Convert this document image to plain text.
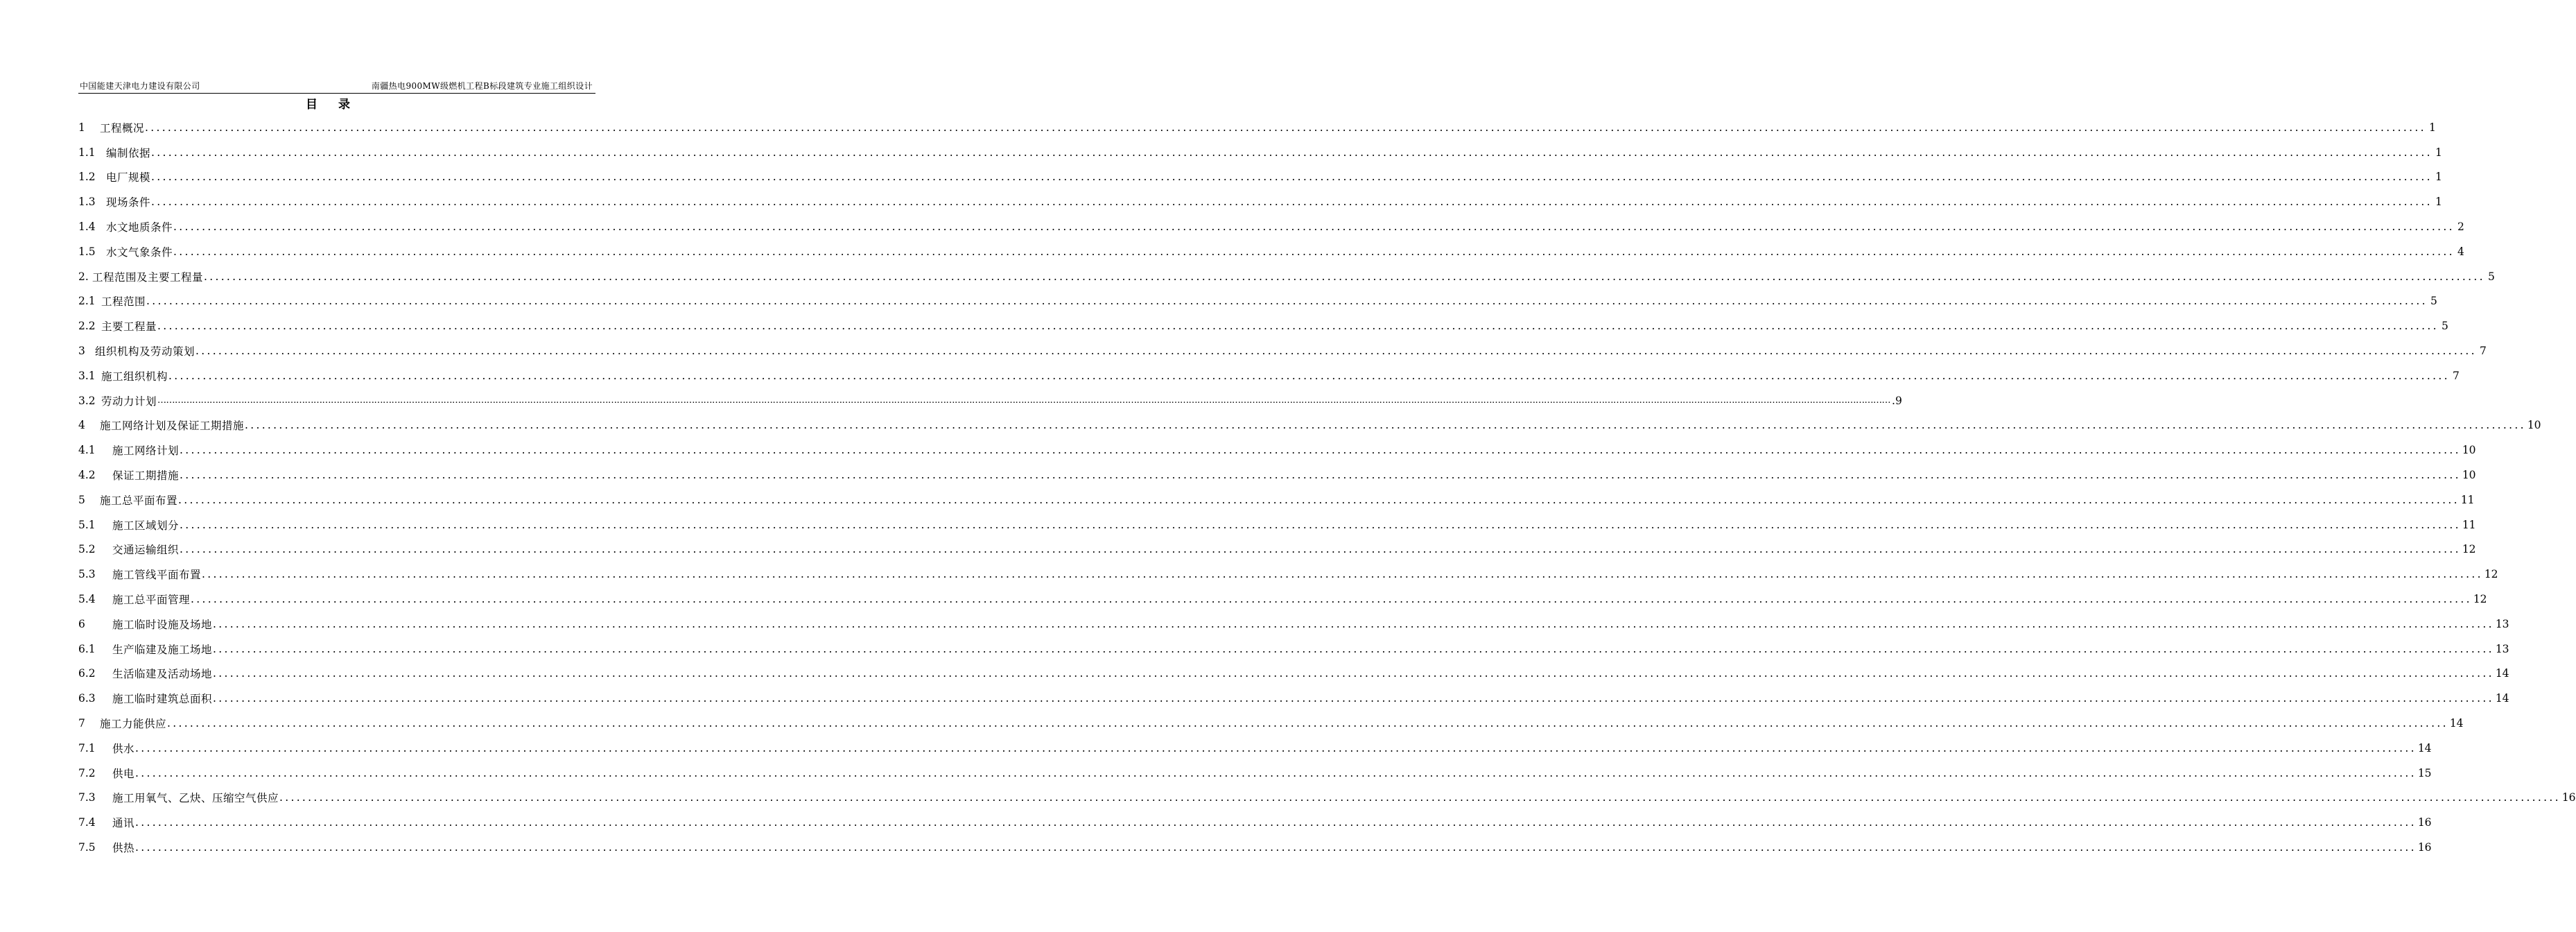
中国能建天津电力建设有限公司	南疆热电900MW级燃机工程B标段建筑专业施工组织设计
目录
1	工程概况 ................................................................................................................................................................................................................................................................................................................................................................................................................ 1
1.1 编制依据 ................................................................................................................................................................................................................................................................................................................................................................................................................ 1
1.2 电厂规模 ................................................................................................................................................................................................................................................................................................................................................................................................................ 1
1.3 现场条件 ................................................................................................................................................................................................................................................................................................................................................................................................................ 1
1.4 水文地质条件 ................................................................................................................................................................................................................................................................................................................................................................................................................ 2
1.5 水文气象条件 ................................................................................................................................................................................................................................................................................................................................................................................................................ 4
2. 工程范围及主要工程量 ................................................................................................................................................................................................................................................................................................................................................................................................................ 5
2.1 工程范围 ................................................................................................................................................................................................................................................................................................................................................................................................................ 5
2.2 主要工程量 ................................................................................................................................................................................................................................................................................................................................................................................................................ 5
3 组织机构及劳动策划 ................................................................................................................................................................................................................................................................................................................................................................................................................ 7
3.1 施工组织机构 ................................................................................................................................................................................................................................................................................................................................................................................................................ 7
3.2 劳动力计划 …………………………………………………………………………………………………………………………………………………………………………………………………………………………………………………………………………………………………………………………………………………………………………………………………………………………………………………………………………………………………………………………………………………… .9
4	施工网络计划及保证工期措施 ................................................................................................................................................................................................................................................................................................................................................................................................................ 10
4.1	施工网络计划 ................................................................................................................................................................................................................................................................................................................................................................................................................ 10
4.2	保证工期措施 ................................................................................................................................................................................................................................................................................................................................................................................................................ 10
5	施工总平面布置 ................................................................................................................................................................................................................................................................................................................................................................................................................ 11
5.1	施工区域划分 ................................................................................................................................................................................................................................................................................................................................................................................................................ 11
5.2	交通运输组织 ................................................................................................................................................................................................................................................................................................................................................................................................................ 12
5.3	施工管线平面布置 ................................................................................................................................................................................................................................................................................................................................................................................................................ 12
5.4	施工总平面管理 ................................................................................................................................................................................................................................................................................................................................................................................................................ 12
6	施工临时设施及场地 ................................................................................................................................................................................................................................................................................................................................................................................................................ 13
6.1	生产临建及施工场地 ................................................................................................................................................................................................................................................................................................................................................................................................................ 13
6.2	生活临建及活动场地 ................................................................................................................................................................................................................................................................................................................................................................................................................ 14
6.3	施工临时建筑总面积 ................................................................................................................................................................................................................................................................................................................................................................................................................ 14
7	施工力能供应 ................................................................................................................................................................................................................................................................................................................................................................................................................ 14
7.1	供水 ................................................................................................................................................................................................................................................................................................................................................................................................................ 14
7.2	供电 ................................................................................................................................................................................................................................................................................................................................................................................................................ 15
7.3	施工用氧气、乙炔、压缩空气供应 ................................................................................................................................................................................................................................................................................................................................................................................................................ 16
7.4	通讯 ................................................................................................................................................................................................................................................................................................................................................................................................................ 16
7.5	供热 ................................................................................................................................................................................................................................................................................................................................................................................................................ 16
